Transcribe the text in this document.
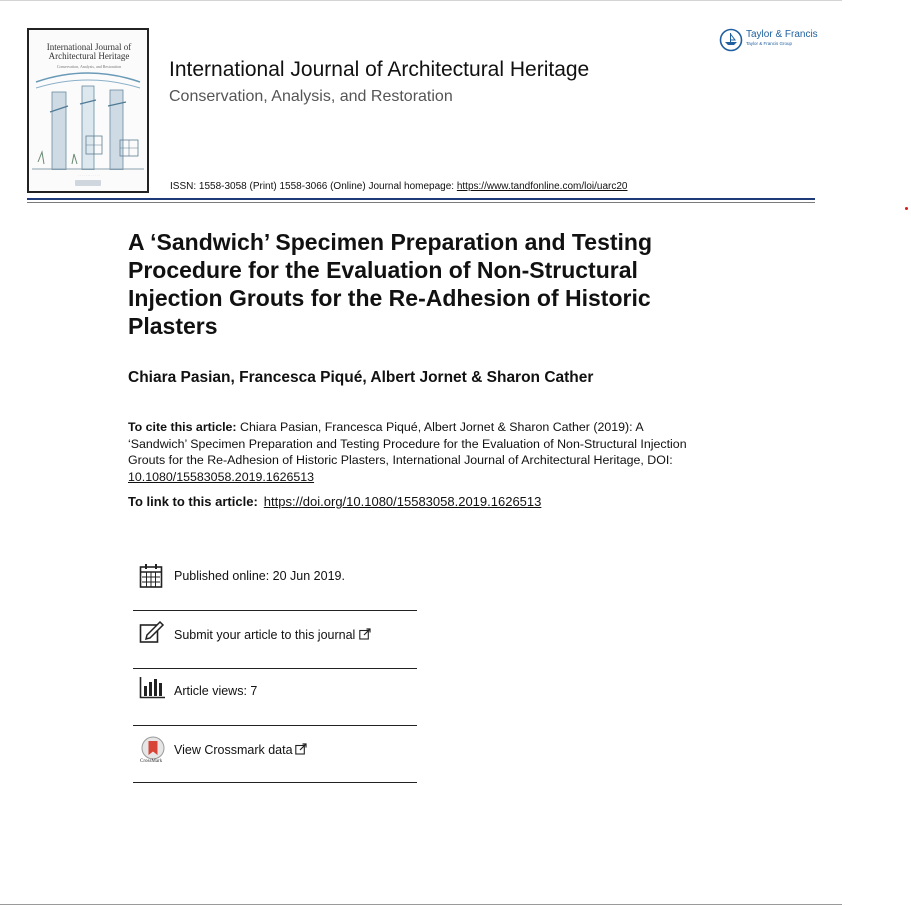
International Journal of Architectural Heritage
Conservation, Analysis, and Restoration
· · · · · · · · · · · ·
Taylor & Francis
Taylor & Francis Group
International Journal of Architectural Heritage
Conservation, Analysis, and Restoration
ISSN: 1558-3058 (Print) 1558-3066 (Online) Journal homepage: https://www.tandfonline.com/loi/uarc20
A ‘Sandwich’ Specimen Preparation and Testing Procedure for the Evaluation of Non-Structural Injection Grouts for the Re-Adhesion of Historic Plasters
Chiara Pasian, Francesca Piqué, Albert Jornet & Sharon Cather
To cite this article: Chiara Pasian, Francesca Piqué, Albert Jornet & Sharon Cather (2019): A ‘Sandwich’ Specimen Preparation and Testing Procedure for the Evaluation of Non-Structural Injection Grouts for the Re-Adhesion of Historic Plasters, International Journal of Architectural Heritage, DOI: 10.1080/15583058.2019.1626513
To link to this article: https://doi.org/10.1080/15583058.2019.1626513
Published online: 20 Jun 2019.
Submit your article to this journal
Article views: 7
CrossMark
View Crossmark data
